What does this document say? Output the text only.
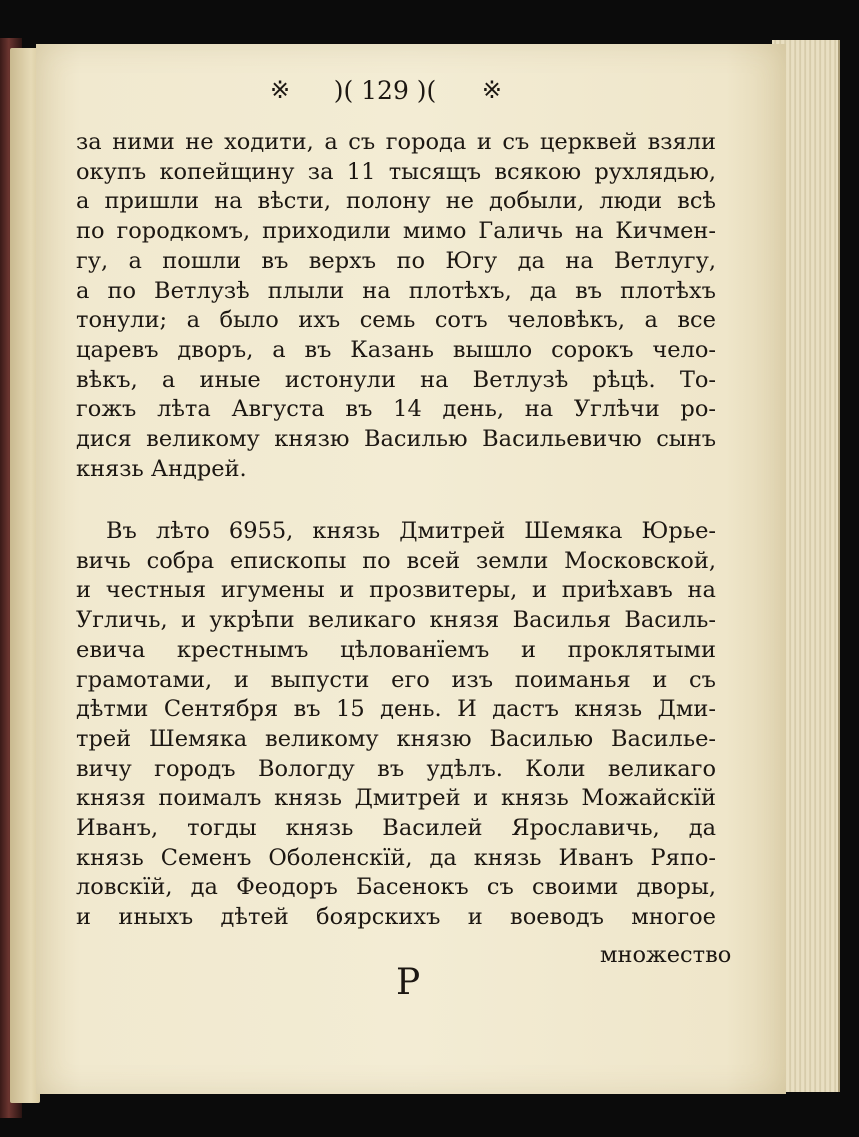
※ )( 129 )( ※
за ними не ходити, а съ города и съ церквей взяли
окупъ копейщину за 11 тысящъ всякою рухлядью,
а пришли на вѣсти, полону не добыли, люди всѣ
по городкомъ, приходили мимо Галичь на Кичмен-
гу, а пошли въ верхъ по Югу да на Ветлугу,
а по Ветлузѣ плыли на плотѣхъ, да въ плотѣхъ
тонули; а было ихъ семь сотъ человѣкъ, а все
царевъ дворъ, а въ Казань вышло сорокъ чело-
вѣкъ, а иные истонули на Ветлузѣ рѣцѣ. То-
гожъ лѣта Августа въ 14 день, на Углѣчи ро-
дися великому князю Василью Васильевичю сынъ
князь Андрей.
Въ лѣто 6955, князь Дмитрей Шемяка Юрье-
вичь собра епископы по всей земли Московской,
и честныя игумены и прозвитеры, и приѣхавъ на
Угличь, и укрѣпи великаго князя Василья Василь-
евича крестнымъ цѣлованїемъ и проклятыми
грамотами, и выпусти его изъ поиманья и съ
дѣтми Сентября въ 15 день. И дастъ князь Дми-
трей Шемяка великому князю Василью Василье-
вичу городъ Вологду въ удѣлъ. Коли великаго
князя поималъ князь Дмитрей и князь Можайскїй
Иванъ, тогды князь Василей Ярославичь, да
князь Семенъ Оболенскїй, да князь Иванъ Ряпо-
ловскїй, да Феодоръ Басенокъ съ своими дворы,
и иныхъ дѣтей боярскихъ и воеводъ многое
множество
Р
